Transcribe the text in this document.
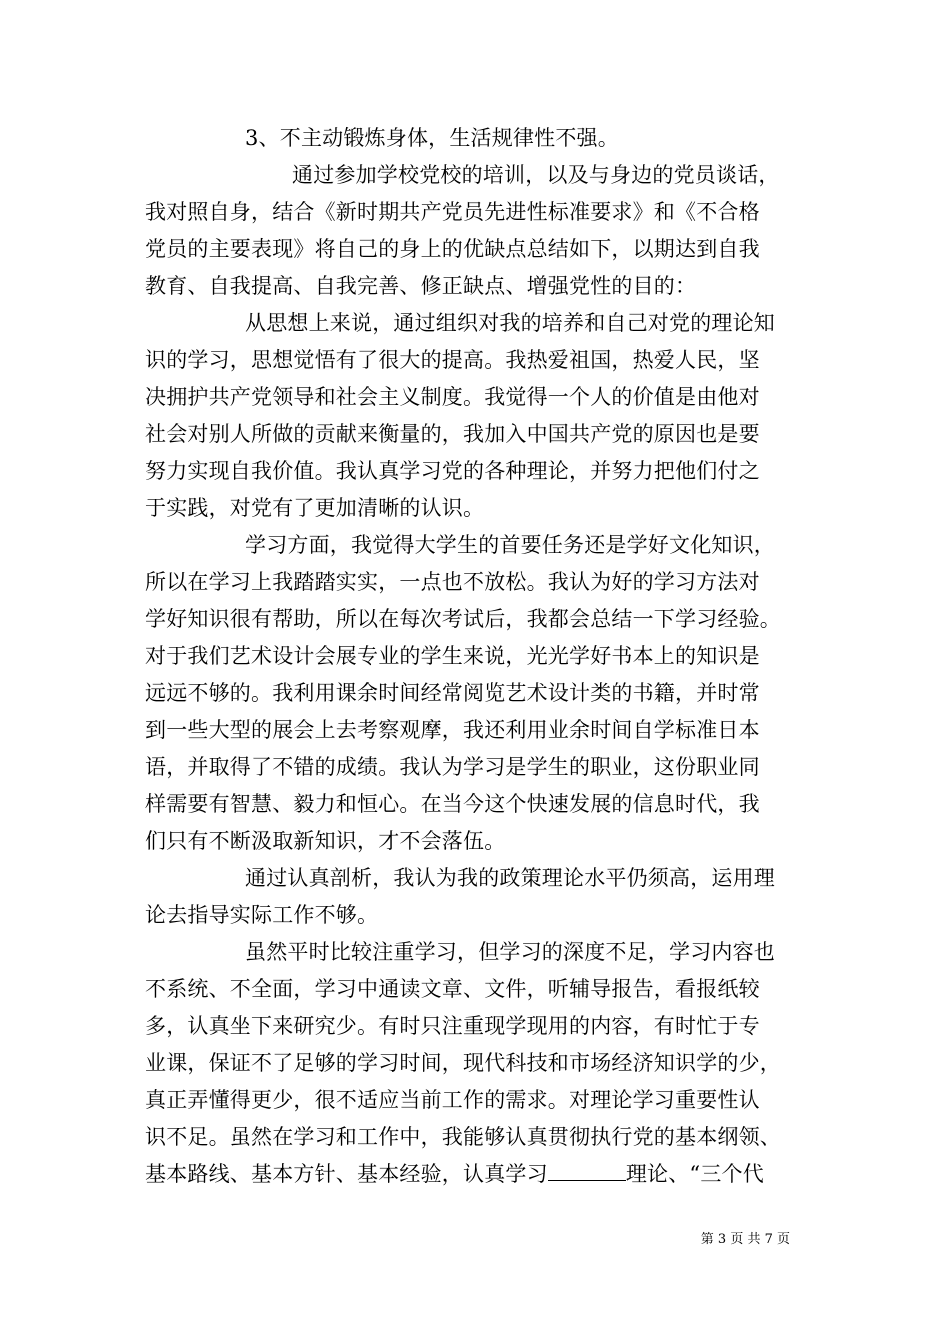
3、不主动锻炼身体，生活规律性不强。
通过参加学校党校的培训，以及与身边的党员谈话，
我对照自身，结合《新时期共产党员先进性标准要求》和《不合格
党员的主要表现》将自己的身上的优缺点总结如下，以期达到自我
教育、自我提高、自我完善、修正缺点、增强党性的目的：
从思想上来说，通过组织对我的培养和自己对党的理论知
识的学习，思想觉悟有了很大的提高。我热爱祖国，热爱人民，坚
决拥护共产党领导和社会主义制度。我觉得一个人的价值是由他对
社会对别人所做的贡献来衡量的，我加入中国共产党的原因也是要
努力实现自我价值。我认真学习党的各种理论，并努力把他们付之
于实践，对党有了更加清晰的认识。
学习方面，我觉得大学生的首要任务还是学好文化知识，
所以在学习上我踏踏实实，一点也不放松。我认为好的学习方法对
学好知识很有帮助，所以在每次考试后，我都会总结一下学习经验。
对于我们艺术设计会展专业的学生来说，光光学好书本上的知识是
远远不够的。我利用课余时间经常阅览艺术设计类的书籍，并时常
到一些大型的展会上去考察观摩，我还利用业余时间自学标准日本
语，并取得了不错的成绩。我认为学习是学生的职业，这份职业同
样需要有智慧、毅力和恒心。在当今这个快速发展的信息时代，我
们只有不断汲取新知识，才不会落伍。
通过认真剖析，我认为我的政策理论水平仍须高，运用理
论去指导实际工作不够。
虽然平时比较注重学习，但学习的深度不足，学习内容也
不系统、不全面，学习中通读文章、文件，听辅导报告，看报纸较
多，认真坐下来研究少。有时只注重现学现用的内容，有时忙于专
业课，保证不了足够的学习时间，现代科技和市场经济知识学的少，
真正弄懂得更少，很不适应当前工作的需求。对理论学习重要性认
识不足。虽然在学习和工作中，我能够认真贯彻执行党的基本纲领、
基本路线、基本方针、基本经验，认真学习	理论、“三个代
第 3 页 共 7 页
